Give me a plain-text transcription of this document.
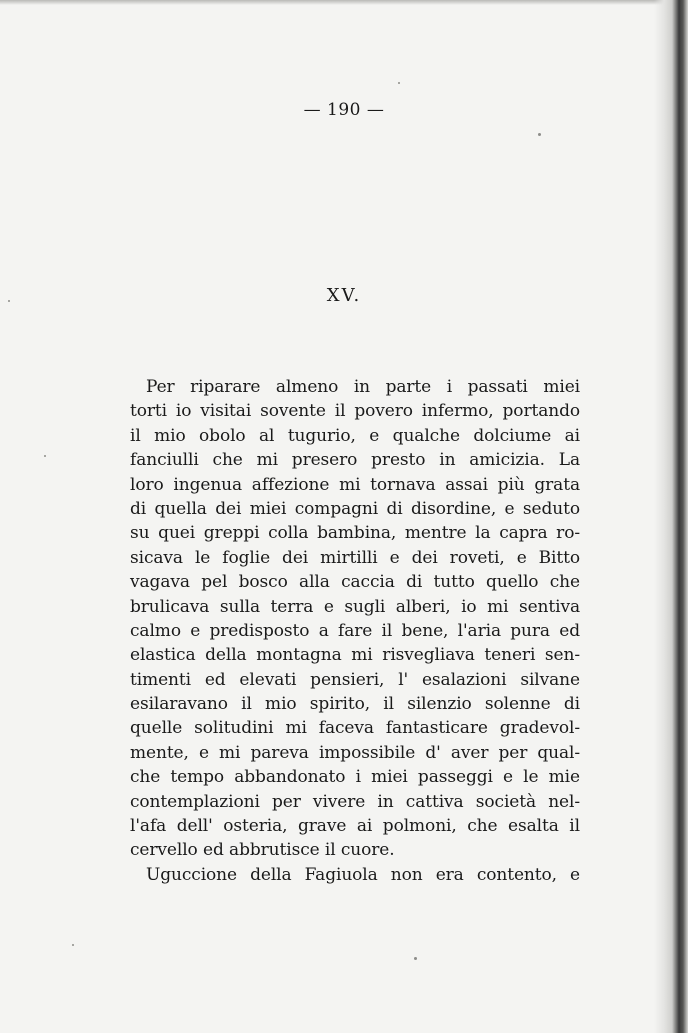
— 190 —
XV.
Per riparare almeno in parte i passati miei
torti io visitai sovente il povero infermo, portando
il mio obolo al tugurio, e qualche dolciume ai
fanciulli che mi presero presto in amicizia. La
loro ingenua affezione mi tornava assai più grata
di quella dei miei compagni di disordine, e seduto
su quei greppi colla bambina, mentre la capra ro-
sicava le foglie dei mirtilli e dei roveti, e Bitto
vagava pel bosco alla caccia di tutto quello che
brulicava sulla terra e sugli alberi, io mi sentiva
calmo e predisposto a fare il bene, l'aria pura ed
elastica della montagna mi risvegliava teneri sen-
timenti ed elevati pensieri, l' esalazioni silvane
esilaravano il mio spirito, il silenzio solenne di
quelle solitudini mi faceva fantasticare gradevol-
mente, e mi pareva impossibile d' aver per qual-
che tempo abbandonato i miei passeggi e le mie
contemplazioni per vivere in cattiva società nel-
l'afa dell' osteria, grave ai polmoni, che esalta il
cervello ed abbrutisce il cuore.
Uguccione della Fagiuola non era contento, e
